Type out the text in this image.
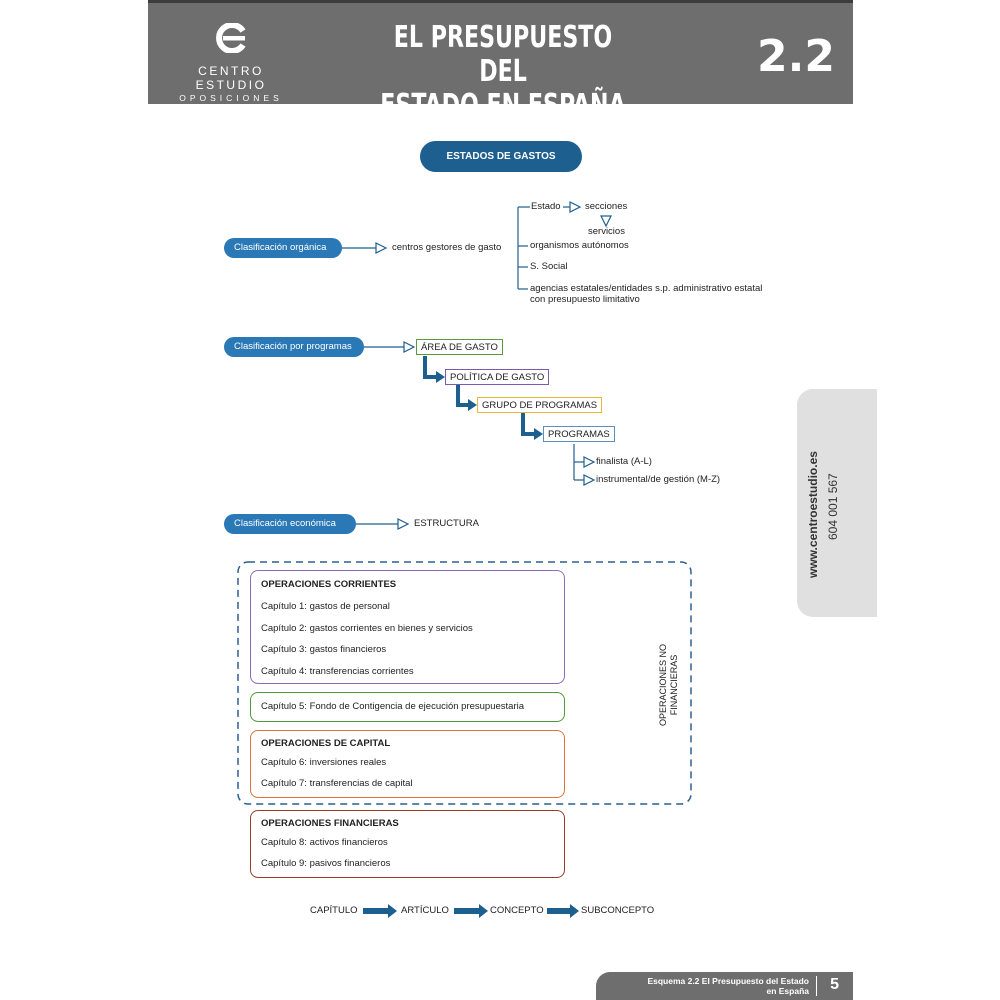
CENTRO ESTUDIO
OPOSICIONES
EL PRESUPUESTO DEL
ESTADO EN ESPAÑA
2.2
ESTADOS DE GASTOS
Clasificación orgánica	centros gestores de gasto
Estado	secciones
servicios
organismos autónomos
S. Social
agencias estatales/entidades s.p. administrativo estatal
con presupuesto limitativo
Clasificación por programas	ÁREA DE GASTO
POLÍTICA DE GASTO
GRUPO DE PROGRAMAS
PROGRAMAS
finalista (A-L)
instrumental/de gestión (M-Z)
Clasificación económica	ESTRUCTURA
OPERACIONES CORRIENTES
Capítulo 1: gastos de personal
Capítulo 2: gastos corrientes en bienes y servicios
Capítulo 3: gastos financieros
Capítulo 4: transferencias corrientes
Capítulo 5: Fondo de Contigencia de ejecución presupuestaria
OPERACIONES DE CAPITAL
Capítulo 6: inversiones reales
Capítulo 7: transferencias de capital
OPERACIONES NO FINANCIERAS
OPERACIONES FINANCIERAS
Capítulo 8: activos financieros
Capítulo 9: pasivos financieros
CAPÍTULO	ARTÍCULO	CONCEPTO	SUBCONCEPTO
www.centroestudio.es 604 001 567
Esquema 2.2 El Presupuesto del Estado
en España 5
